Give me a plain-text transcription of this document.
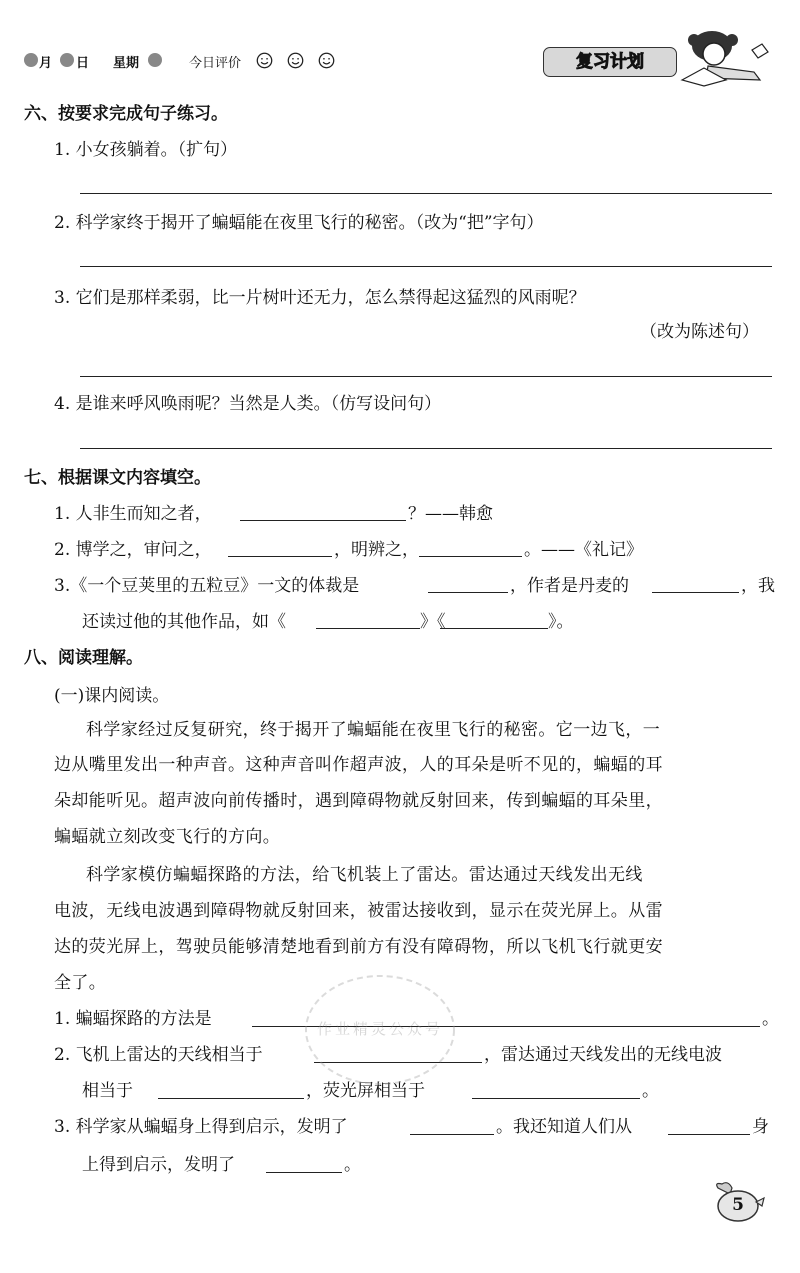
月 日 星期	今日评价	复习计划
六、按要求完成句子练习。
1. 小女孩躺着。（扩句）
2. 科学家终于揭开了蝙蝠能在夜里飞行的秘密。（改为“把”字句）
3. 它们是那样柔弱，比一片树叶还无力，怎么禁得起这猛烈的风雨呢？
（改为陈述句）
4. 是谁来呼风唤雨呢？当然是人类。（仿写设问句）
七、根据课文内容填空。
1. 人非生而知之者，	？——韩愈
2. 博学之，审问之，	，明辨之，	。——《礼记》
3.《一个豆荚里的五粒豆》一文的体裁是	，作者是丹麦的	，我
还读过他的其他作品，如《	》《	》。
八、阅读理解。
(一)课内阅读。
科学家经过反复研究，终于揭开了蝙蝠能在夜里飞行的秘密。它一边飞，一
边从嘴里发出一种声音。这种声音叫作超声波，人的耳朵是听不见的，蝙蝠的耳
朵却能听见。超声波向前传播时，遇到障碍物就反射回来，传到蝙蝠的耳朵里，
蝙蝠就立刻改变飞行的方向。
科学家模仿蝙蝠探路的方法，给飞机装上了雷达。雷达通过天线发出无线
电波，无线电波遇到障碍物就反射回来，被雷达接收到，显示在荧光屏上。从雷
达的荧光屏上，驾驶员能够清楚地看到前方有没有障碍物，所以飞机飞行就更安
全了。
1. 蝙蝠探路的方法是	。
2. 飞机上雷达的天线相当于	，雷达通过天线发出的无线电波
相当于	，荧光屏相当于	。
3. 科学家从蝙蝠身上得到启示，发明了	。我还知道人们从	身
上得到启示，发明了	。
作业精灵公众号
5
